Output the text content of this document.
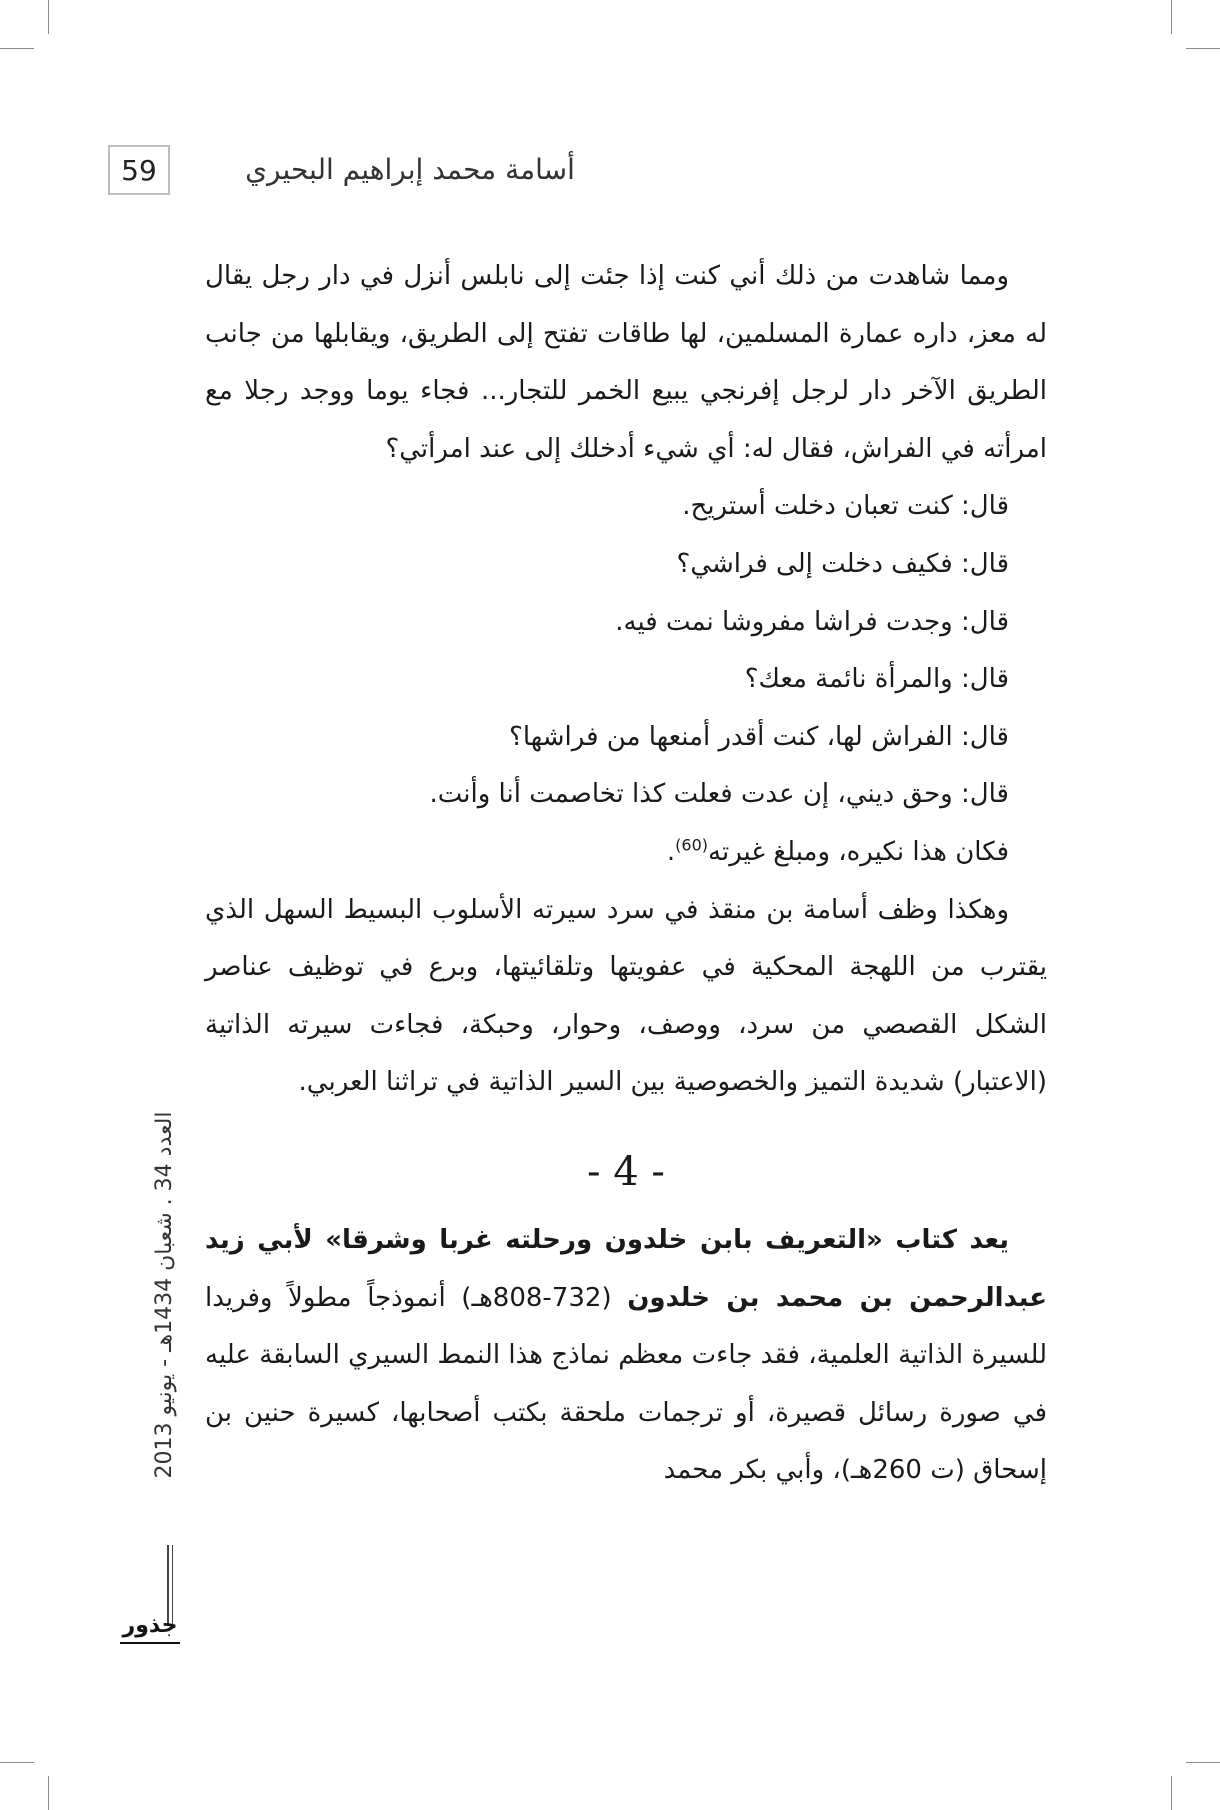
59	أسامة محمد إبراهيم البحيري

ومما شاهدت من ذلك أني كنت إذا جئت إلى نابلس أنزل في دار رجل يقال له معز، داره عمارة المسلمين، لها طاقات تفتح إلى الطريق، ويقابلها من جانب الطريق الآخر دار لرجل إفرنجي يبيع الخمر للتجار... فجاء يوما ووجد رجلا مع امرأته في الفراش، فقال له: أي شيء أدخلك إلى عند امرأتي؟

قال: كنت تعبان دخلت أستريح.

قال: فكيف دخلت إلى فراشي؟

قال: وجدت فراشا مفروشا نمت فيه.

قال: والمرأة نائمة معك؟

قال: الفراش لها، كنت أقدر أمنعها من فراشها؟

قال: وحق ديني، إن عدت فعلت كذا تخاصمت أنا وأنت.

فكان هذا نكيره، ومبلغ غيرته$^{(60)}$.

وهكذا وظف أسامة بن منقذ في سرد سيرته الأسلوب البسيط السهل الذي يقترب من اللهجة المحكية في عفويتها وتلقائيتها، وبرع في توظيف عناصر الشكل القصصي من سرد، ووصف، وحوار، وحبكة، فجاءت سيرته الذاتية (الاعتبار) شديدة التميز والخصوصية بين السير الذاتية في تراثنا العربي.

- 4 -

يعد كتاب «التعريف بابن خلدون ورحلته غربا وشرقا» لأبي زيد عبدالرحمن بن محمد بن خلدون (732-808هـ) أنموذجاً مطولاً وفريدا للسيرة الذاتية العلمية، فقد جاءت معظم نماذج هذا النمط السيري السابقة عليه في صورة رسائل قصيرة، أو ترجمات ملحقة بكتب أصحابها، كسيرة حنين بن إسحاق (ت 260هـ)، وأبي بكر محمد

العدد 34 . شعبان 1434هـ - يونيو 2013
جذور
